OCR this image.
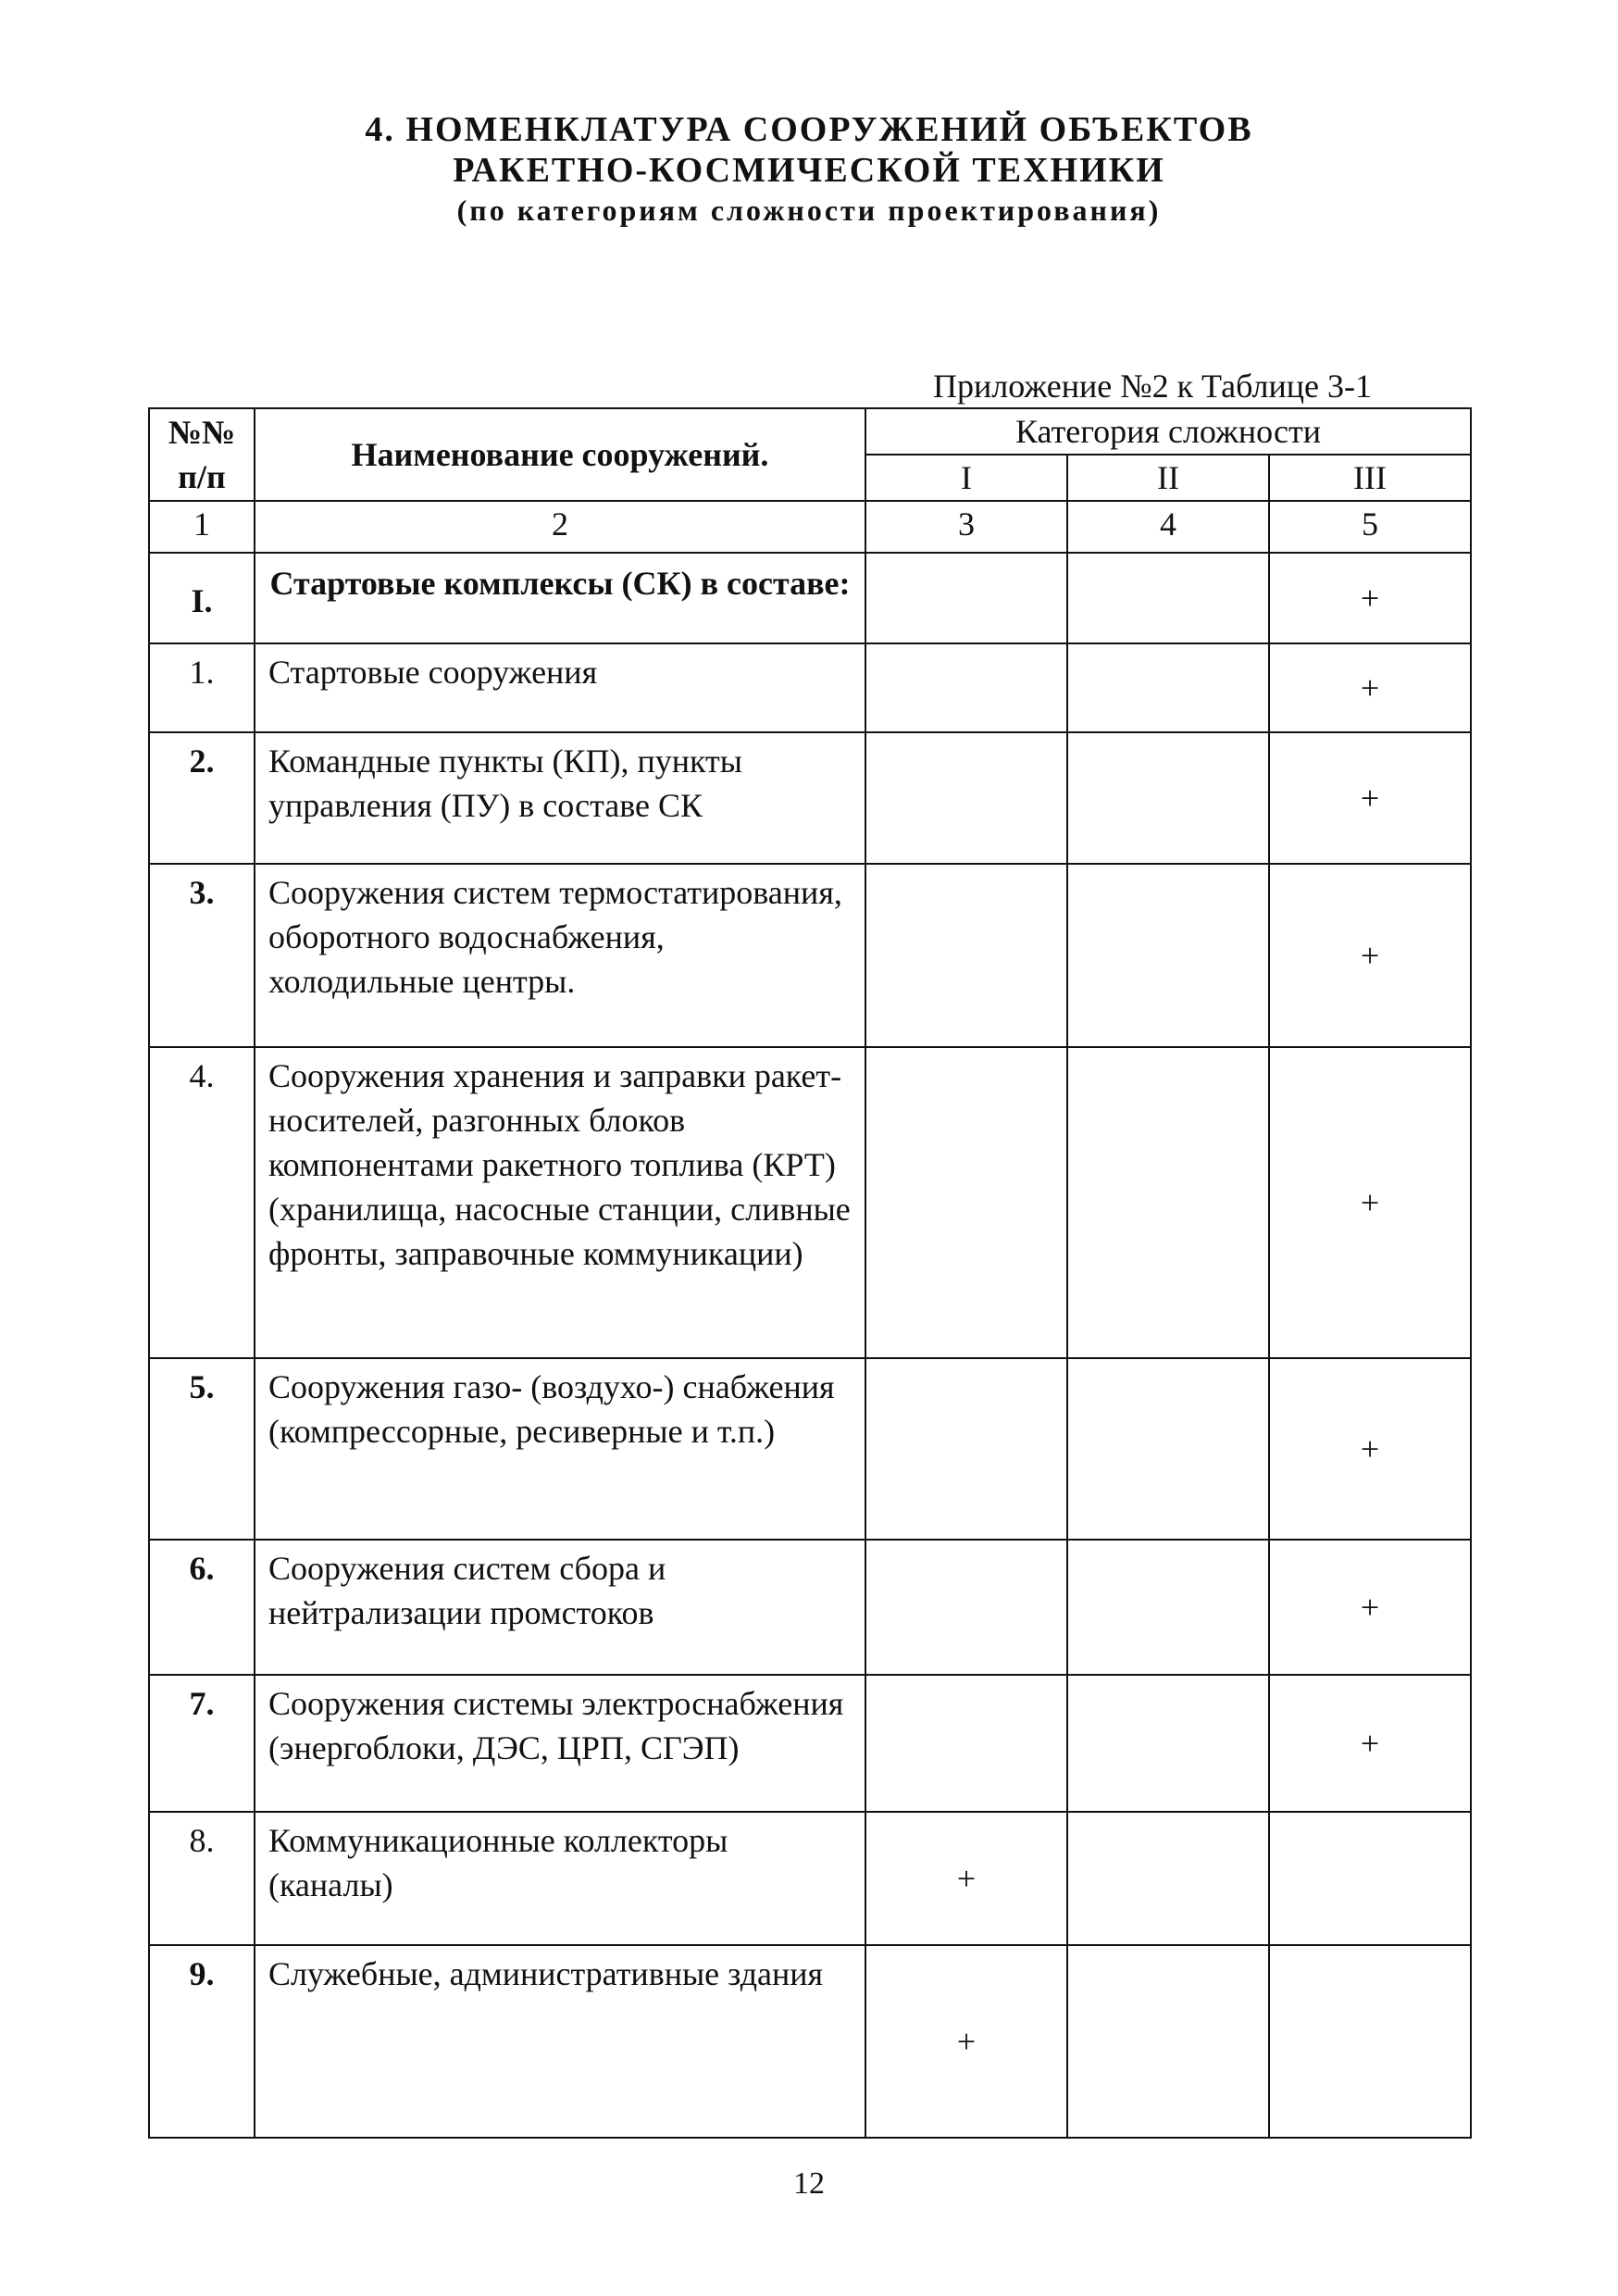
4. НОМЕНКЛАТУРА СООРУЖЕНИЙ ОБЪЕКТОВ
РАКЕТНО-КОСМИЧЕСКОЙ ТЕХНИКИ
(по категориям сложности проектирования)
Приложение №2 к Таблице 3-1
№№
п/п	Наименование сооружений.	Категория сложности		
		I	II	III
1	2	3	4	5
I.	Стартовые комплексы (СК) в составе:			+
1.	Стартовые сооружения			+
2.	Командные пункты (КП), пункты управления (ПУ) в составе СК			+
3.	Сооружения систем термостатирования, оборотного водоснабжения, холодильные центры.			+
4.	Сооружения хранения и заправки ракет-носителей, разгонных блоков компонентами ракетного топлива (КРТ) (хранилища, насосные станции, сливные фронты, заправочные коммуникации)			+
5.	Сооружения газо- (воздухо-) снабжения (компрессорные, ресиверные и т.п.)			+
6.	Сооружения систем сбора и нейтрализации промстоков			+
7.	Сооружения системы электроснабжения (энергоблоки, ДЭС, ЦРП, СГЭП)			+
8.	Коммуникационные коллекторы (каналы)	+		
9.	Служебные, административные здания	+		
12
